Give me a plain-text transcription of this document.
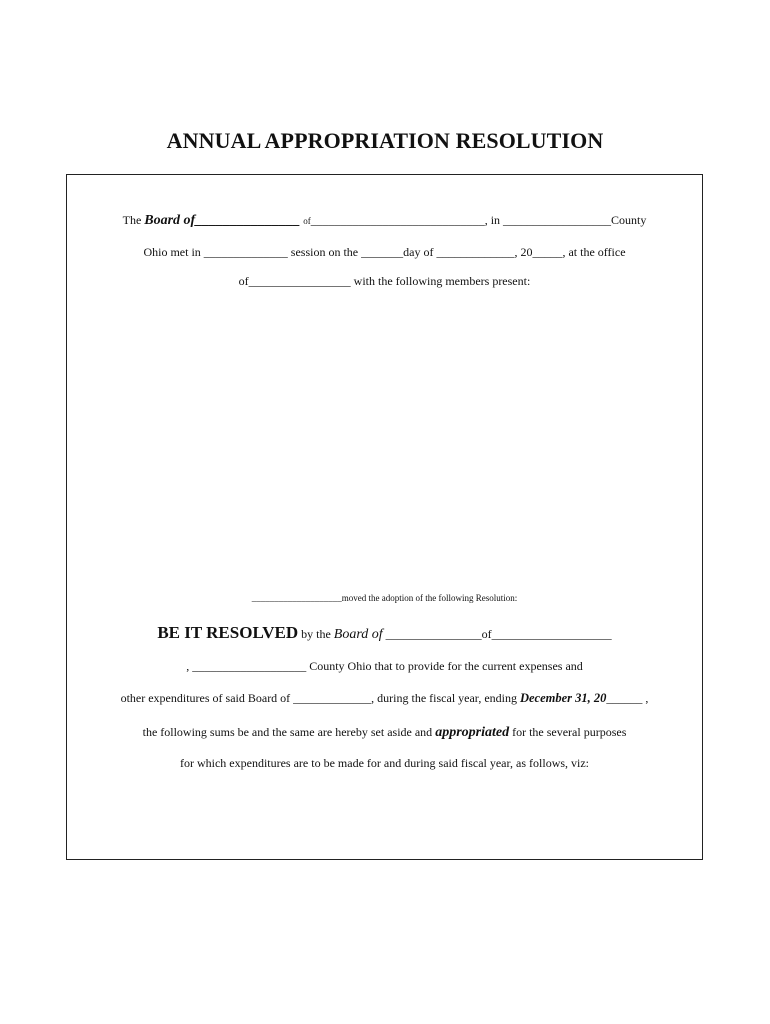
ANNUAL APPROPRIATION RESOLUTION
The Board of_______________ of_____________________________, in __________________County
Ohio met in ______________ session on the _______day of _____________, 20_____, at the office
of_________________ with the following members present:
____________________moved the adoption of the following Resolution:
BE IT RESOLVED by the Board of ________________of____________________
, ___________________ County Ohio that to provide for the current expenses and
other expenditures of said Board of _____________, during the fiscal year, ending December 31, 20______ ,
the following sums be and the same are hereby set aside and appropriated for the several purposes
for which expenditures are to be made for and during said fiscal year, as follows, viz:
